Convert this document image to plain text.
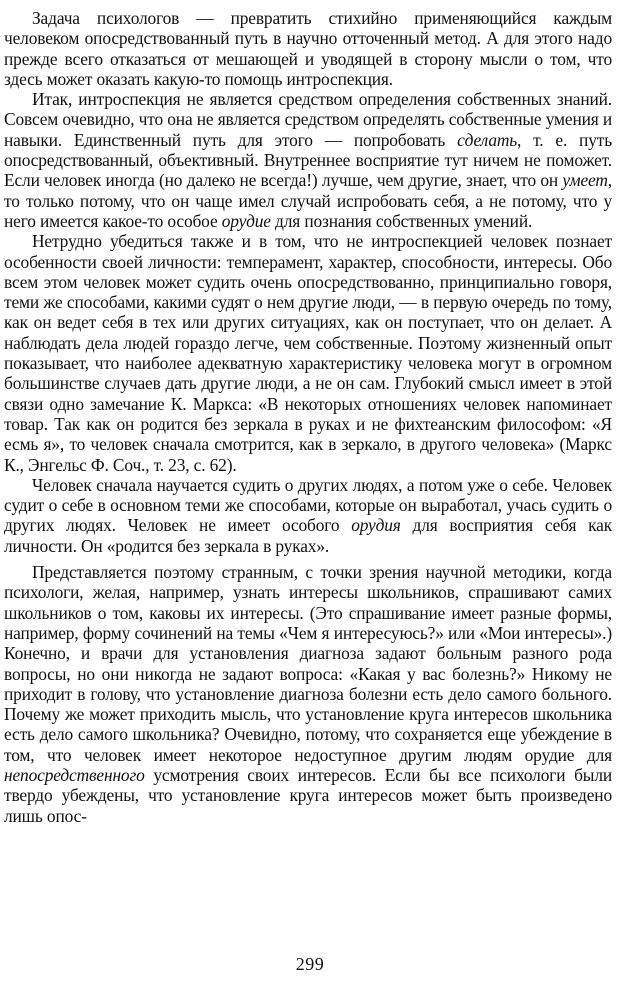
Задача психологов — превратить стихийно применяющийся каждым человеком опосредствованный путь в научно отточенный метод. А для этого надо прежде всего отказаться от мешающей и уводящей в сторону мысли о том, что здесь может оказать какую-то помощь интроспекция.

Итак, интроспекция не является средством определения собственных знаний. Совсем очевидно, что она не является средством определять собственные умения и навыки. Единственный путь для этого — попробовать сделать, т. е. путь опосредствованный, объективный. Внутреннее восприятие тут ничем не поможет. Если человек иногда (но далеко не всегда!) лучше, чем другие, знает, что он умеет, то только потому, что он чаще имел случай испробовать себя, а не потому, что у него имеется какое-то особое орудие для познания собственных умений.

Нетрудно убедиться также и в том, что не интроспекцией человек познает особенности своей личности: темперамент, характер, способности, интересы. Обо всем этом человек может судить очень опосредствованно, принципиально говоря, теми же способами, какими судят о нем другие люди, — в первую очередь по тому, как он ведет себя в тех или других ситуациях, как он поступает, что он делает. А наблюдать дела людей гораздо легче, чем собственные. Поэтому жизненный опыт показывает, что наиболее адекватную характеристику человека могут в огромном большинстве случаев дать другие люди, а не он сам. Глубокий смысл имеет в этой связи одно замечание К. Маркса: «В некоторых отношениях человек напоминает товар. Так как он родится без зеркала в руках и не фихтеанским философом: «Я есмь я», то человек сначала смотрится, как в зеркало, в другого человека» (Маркс К., Энгельс Ф. Соч., т. 23, с. 62).

Человек сначала научается судить о других людях, а потом уже о себе. Человек судит о себе в основном теми же способами, которые он выработал, учась судить о других людях. Человек не имеет особого орудия для восприятия себя как личности. Он «родится без зеркала в руках».

Представляется поэтому странным, с точки зрения научной методики, когда психологи, желая, например, узнать интересы школьников, спрашивают самих школьников о том, каковы их интересы. (Это спрашивание имеет разные формы, например, форму сочинений на темы «Чем я интересуюсь?» или «Мои интересы».) Конечно, и врачи для установления диагноза задают больным разного рода вопросы, но они никогда не задают вопроса: «Какая у вас болезнь?» Никому не приходит в голову, что установление диагноза болезни есть дело самого больного. Почему же может приходить мысль, что установление круга интересов школьника есть дело самого школьника? Очевидно, потому, что сохраняется еще убеждение в том, что человек имеет некоторое недоступное другим людям орудие для непосредственного усмотрения своих интересов. Если бы все психологи были твердо убеждены, что установление круга интересов может быть произведено лишь опос-

299
